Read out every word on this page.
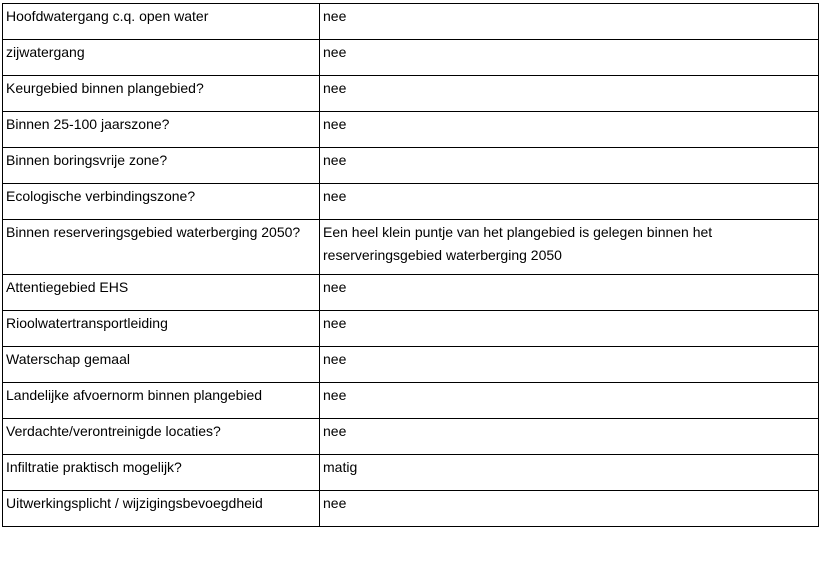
Hoofdwatergang c.q. open water	nee
zijwatergang	nee
Keurgebied binnen plangebied?	nee
Binnen 25-100 jaarszone?	nee
Binnen boringsvrije zone?	nee
Ecologische verbindingszone?	nee
Binnen reserveringsgebied waterberging 2050?	Een heel klein puntje van het plangebied is gelegen binnen het reserveringsgebied waterberging 2050
Attentiegebied EHS	nee
Rioolwatertransportleiding	nee
Waterschap gemaal	nee
Landelijke afvoernorm binnen plangebied	nee
Verdachte/verontreinigde locaties?	nee
Infiltratie praktisch mogelijk?	matig
Uitwerkingsplicht / wijzigingsbevoegdheid	nee
